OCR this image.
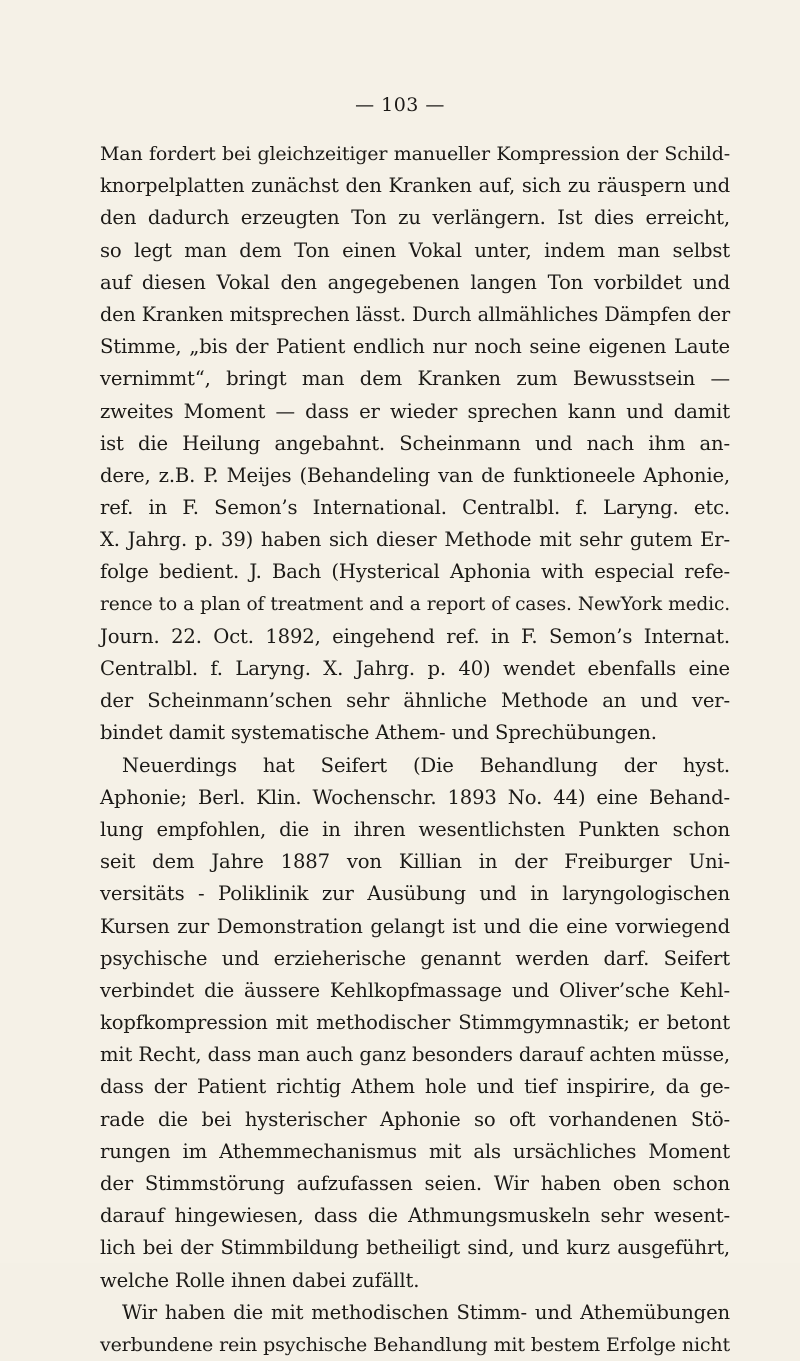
— 103 —
Man fordert bei gleichzeitiger manueller Kompression der Schild-
knorpelplatten zunächst den Kranken auf, sich zu räuspern und
den dadurch erzeugten Ton zu verlängern. Ist dies erreicht,
so legt man dem Ton einen Vokal unter, indem man selbst
auf diesen Vokal den angegebenen langen Ton vorbildet und
den Kranken mitsprechen lässt. Durch allmähliches Dämpfen der
Stimme, „bis der Patient endlich nur noch seine eigenen Laute
vernimmt“, bringt man dem Kranken zum Bewusstsein —
zweites Moment — dass er wieder sprechen kann und damit
ist die Heilung angebahnt. Scheinmann und nach ihm an-
dere, z.B. P. Meijes (Behandeling van de funktioneele Aphonie,
ref. in F. Semon’s International. Centralbl. f. Laryng. etc.
X. Jahrg. p. 39) haben sich dieser Methode mit sehr gutem Er-
folge bedient. J. Bach (Hysterical Aphonia with especial refe-
rence to a plan of treatment and a report of cases. NewYork medic.
Journ. 22. Oct. 1892, eingehend ref. in F. Semon’s Internat.
Centralbl. f. Laryng. X. Jahrg. p. 40) wendet ebenfalls eine
der Scheinmann’schen sehr ähnliche Methode an und ver-
bindet damit systematische Athem- und Sprechübungen.
Neuerdings hat Seifert (Die Behandlung der hyst.
Aphonie; Berl. Klin. Wochenschr. 1893 No. 44) eine Behand-
lung empfohlen, die in ihren wesentlichsten Punkten schon
seit dem Jahre 1887 von Killian in der Freiburger Uni-
versitäts - Poliklinik zur Ausübung und in laryngologischen
Kursen zur Demonstration gelangt ist und die eine vorwiegend
psychische und erzieherische genannt werden darf. Seifert
verbindet die äussere Kehlkopfmassage und Oliver’sche Kehl-
kopfkompression mit methodischer Stimmgymnastik; er betont
mit Recht, dass man auch ganz besonders darauf achten müsse,
dass der Patient richtig Athem hole und tief inspirire, da ge-
rade die bei hysterischer Aphonie so oft vorhandenen Stö-
rungen im Athemmechanismus mit als ursächliches Moment
der Stimmstörung aufzufassen seien. Wir haben oben schon
darauf hingewiesen, dass die Athmungsmuskeln sehr wesent-
lich bei der Stimmbildung betheiligt sind, und kurz ausgeführt,
welche Rolle ihnen dabei zufällt.
Wir haben die mit methodischen Stimm- und Athemübungen
verbundene rein psychische Behandlung mit bestem Erfolge nicht
